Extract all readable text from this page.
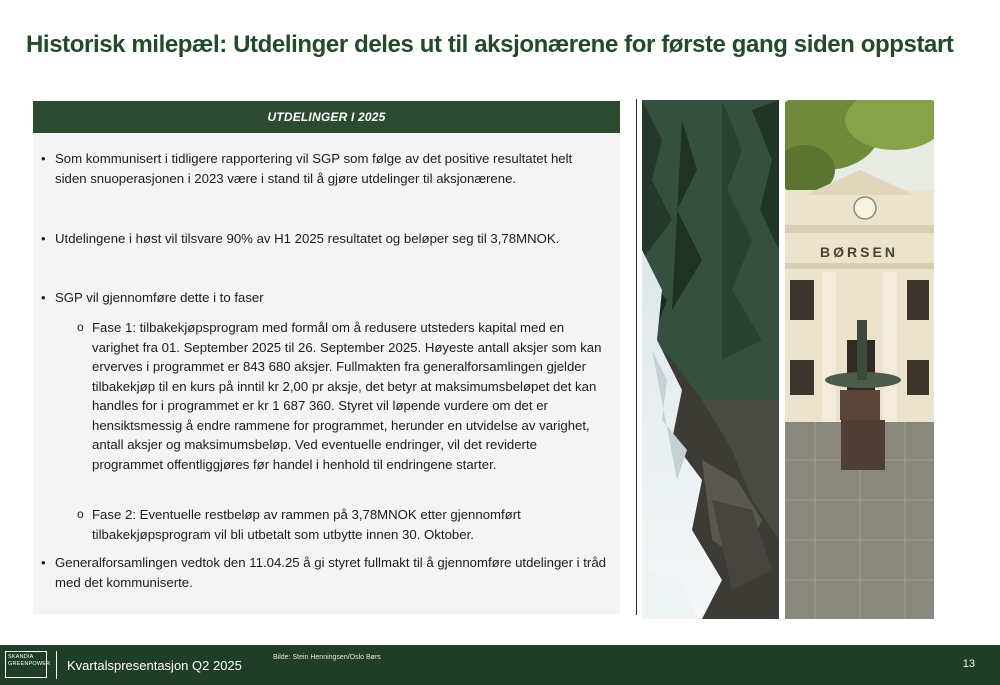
Historisk milepæl: Utdelinger deles ut til aksjonærene for første gang siden oppstart
UTDELINGER I 2025
• Som kommunisert i tidligere rapportering vil SGP som følge av det positive resultatet helt siden snuoperasjonen i 2023 være i stand til å gjøre utdelinger til aksjonærene.
• Utdelingene i høst vil tilsvare 90% av H1 2025 resultatet og beløper seg til 3,78MNOK.
• SGP vil gjennomføre dette i to faser
o Fase 1: tilbakekjøpsprogram med formål om å redusere utsteders kapital med en varighet fra 01. September 2025 til 26. September 2025. Høyeste antall aksjer som kan erverves i programmet er 843 680 aksjer. Fullmakten fra generalforsamlingen gjelder tilbakekjøp til en kurs på inntil kr 2,00 pr aksje, det betyr at maksimumsbeløpet det kan handles for i programmet er kr 1 687 360. Styret vil løpende vurdere om det er hensiktsmessig å endre rammene for programmet, herunder en utvidelse av varighet, antall aksjer og maksimumsbeløp. Ved eventuelle endringer, vil det reviderte programmet offentliggjøres før handel i henhold til endringene starter.
o Fase 2: Eventuelle restbeløp av rammen på 3,78MNOK etter gjennomført tilbakekjøpsprogram vil bli utbetalt som utbytte innen 30. Oktober.
• Generalforsamlingen vedtok den 11.04.25 å gi styret fullmakt til å gjennomføre utdelinger i tråd med det kommuniserte.
BØRSEN
SKANDIA
GREENPOWER Kvartalspresentasjon Q2 2025
Bilde: Stein Henningsen/Oslo Børs
13
